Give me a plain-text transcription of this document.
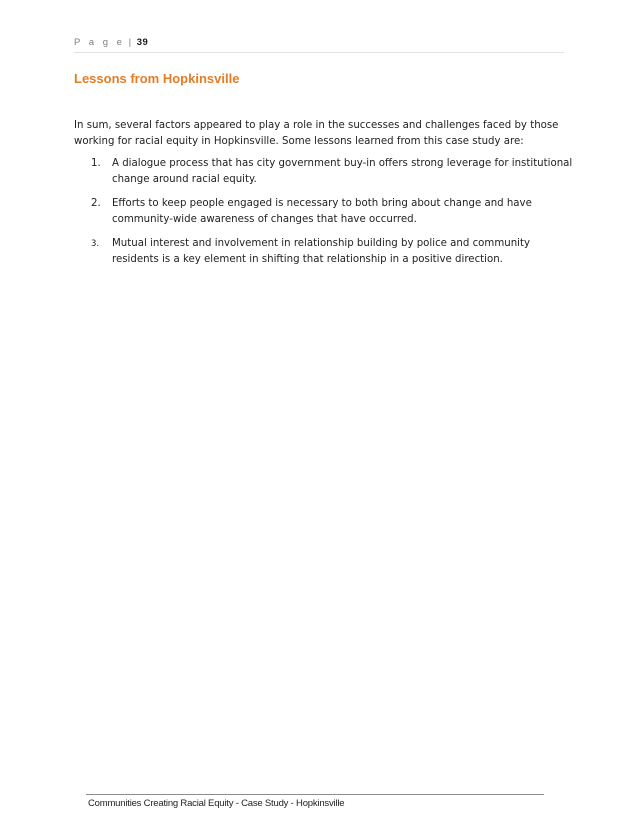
P a g e | 39
Lessons from Hopkinsville

In sum, several factors appeared to play a role in the successes and challenges faced by those working for racial equity in Hopkinsville. Some lessons learned from this case study are:

1. A dialogue process that has city government buy-in offers strong leverage for institutional change around racial equity.
2. Efforts to keep people engaged is necessary to both bring about change and have community-wide awareness of changes that have occurred.
3. Mutual interest and involvement in relationship building by police and community residents is a key element in shifting that relationship in a positive direction.
Communities Creating Racial Equity - Case Study - Hopkinsville
